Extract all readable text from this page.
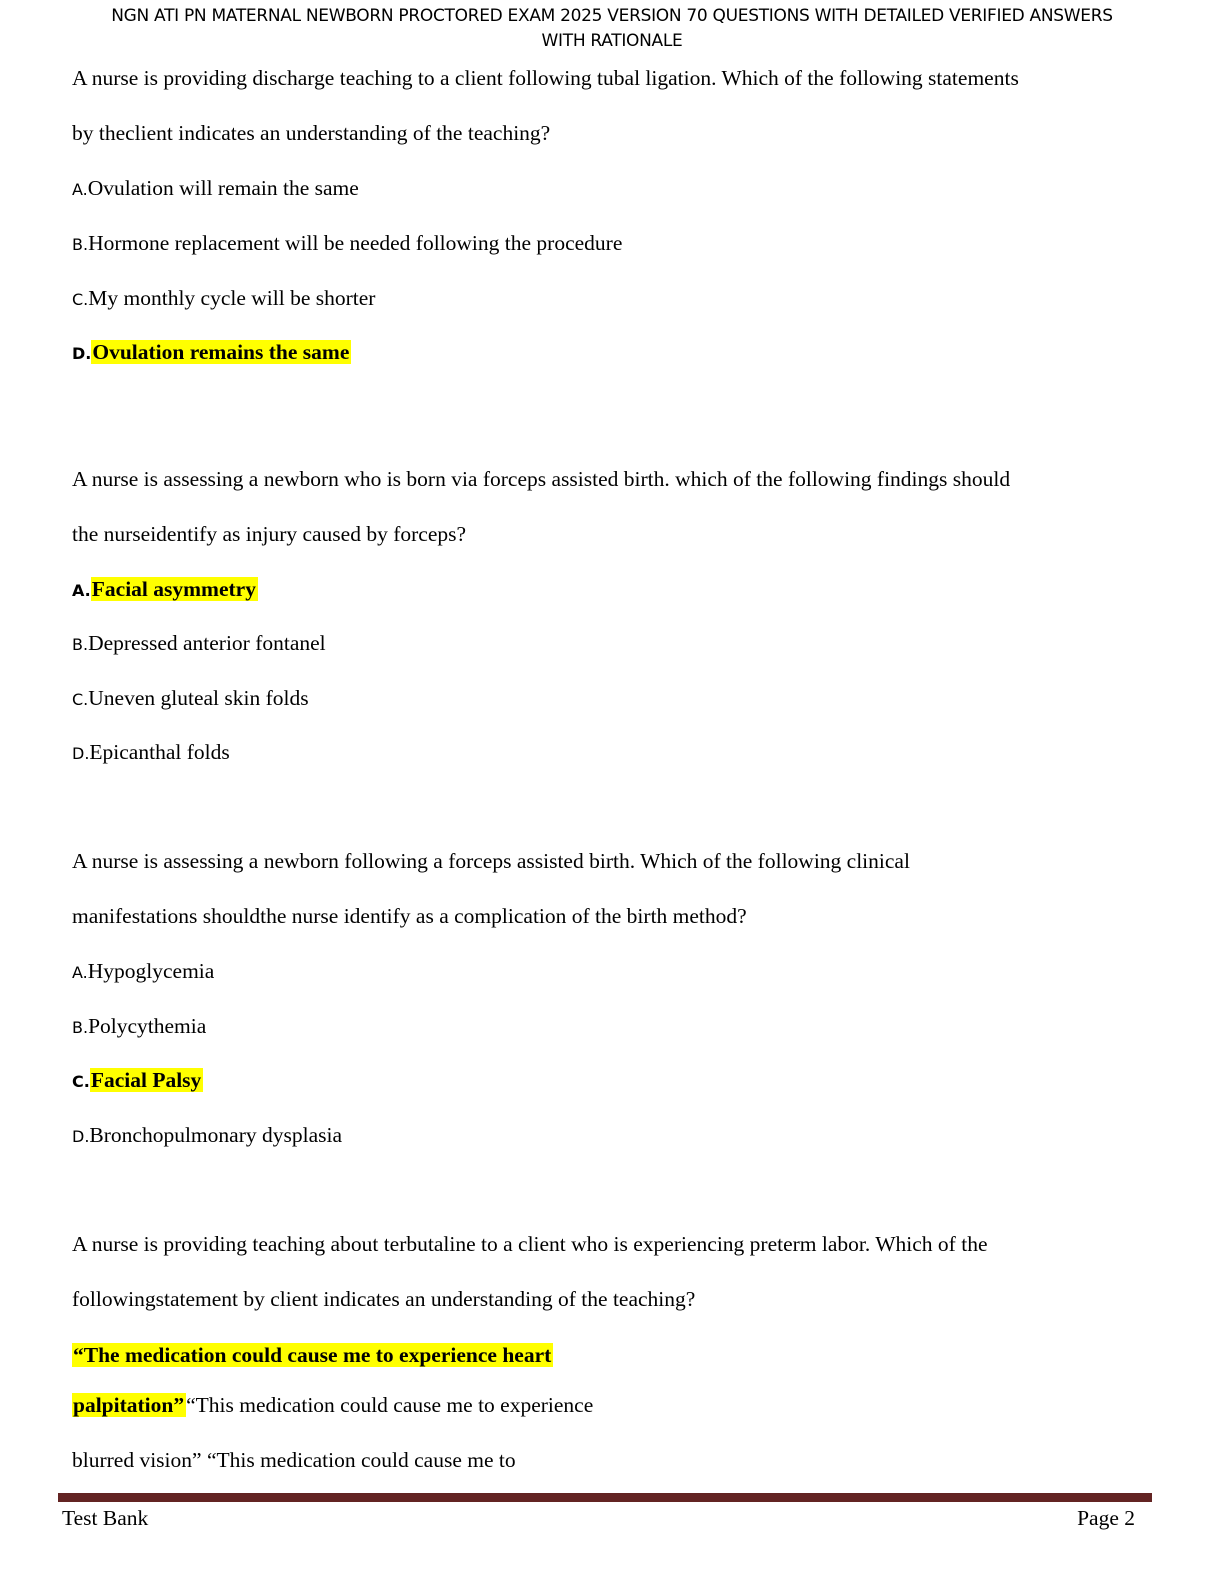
NGN ATI PN MATERNAL NEWBORN PROCTORED EXAM 2025 VERSION 70 QUESTIONS WITH DETAILED VERIFIED ANSWERS
WITH RATIONALE
A nurse is providing discharge teaching to a client following tubal ligation. Which of the following statements
by theclient indicates an understanding of the teaching?
A.Ovulation will remain the same
B.Hormone replacement will be needed following the procedure
C.My monthly cycle will be shorter
D.Ovulation remains the same
A nurse is assessing a newborn who is born via forceps assisted birth. which of the following findings should
the nurseidentify as injury caused by forceps?
A.Facial asymmetry
B.Depressed anterior fontanel
C.Uneven gluteal skin folds
D.Epicanthal folds
A nurse is assessing a newborn following a forceps assisted birth. Which of the following clinical
manifestations shouldthe nurse identify as a complication of the birth method?
A.Hypoglycemia
B.Polycythemia
C.Facial Palsy
D.Bronchopulmonary dysplasia
A nurse is providing teaching about terbutaline to a client who is experiencing preterm labor. Which of the
followingstatement by client indicates an understanding of the teaching?
“The medication could cause me to experience heart
palpitation”“This medication could cause me to experience
blurred vision” “This medication could cause me to
Test Bank	Page 2
